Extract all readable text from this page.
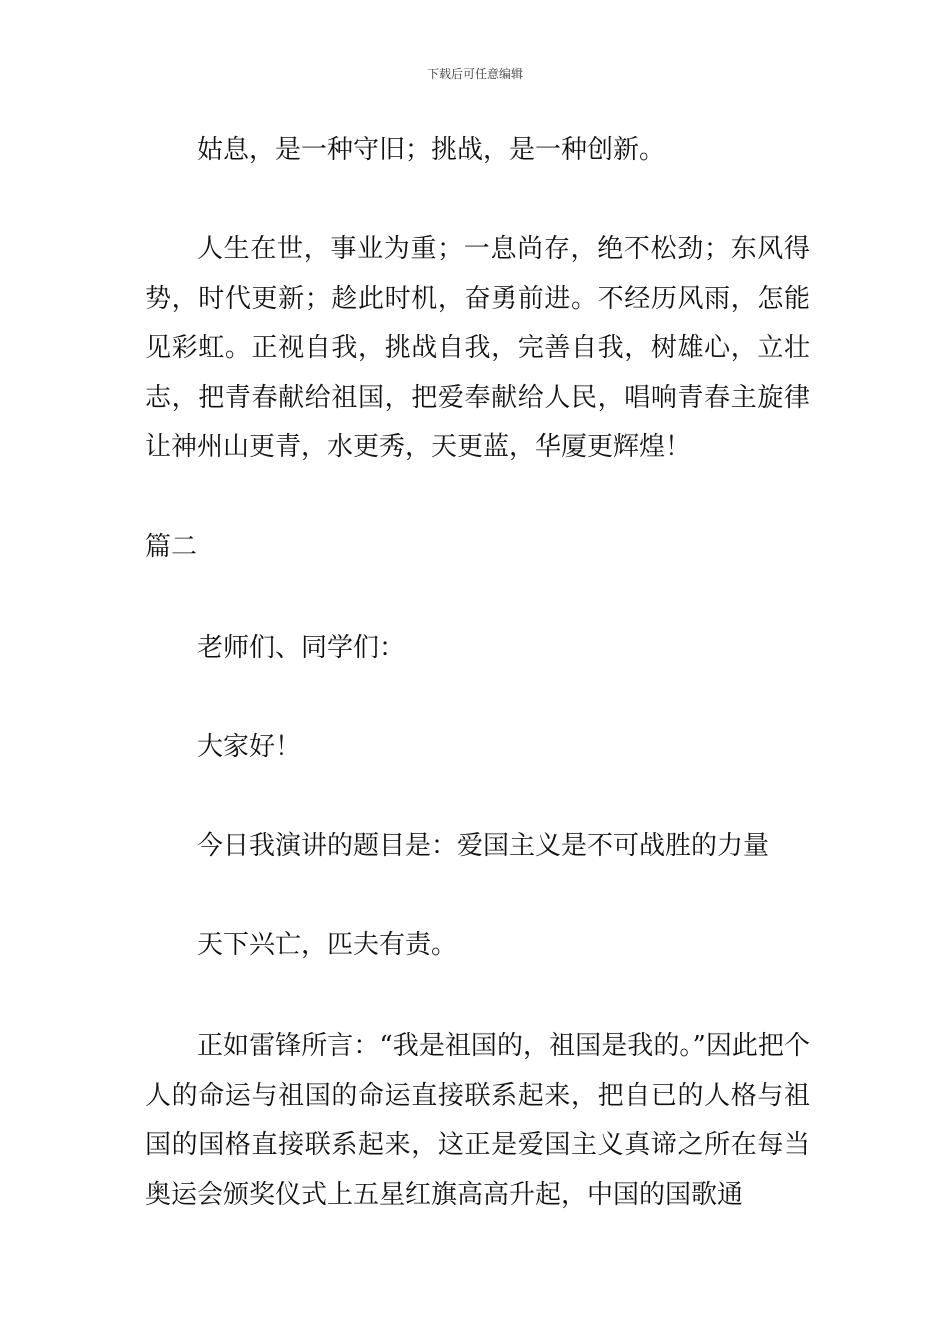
下载后可任意编辑

姑息，是一种守旧；挑战，是一种创新。

人生在世，事业为重；一息尚存，绝不松劲；东风得势，时代更新；趁此时机，奋勇前进。不经历风雨，怎能见彩虹。正视自我，挑战自我，完善自我，树雄心，立壮志，把青春献给祖国，把爱奉献给人民，唱响青春主旋律让神州山更青，水更秀，天更蓝，华厦更辉煌！

篇二

老师们、同学们：

大家好！

今日我演讲的题目是：爱国主义是不可战胜的力量

天下兴亡，匹夫有责。

正如雷锋所言：“我是祖国的，祖国是我的。”因此把个人的命运与祖国的命运直接联系起来，把自已的人格与祖国的国格直接联系起来，这正是爱国主义真谛之所在每当奥运会颁奖仪式上五星红旗高高升起，中国的国歌通
